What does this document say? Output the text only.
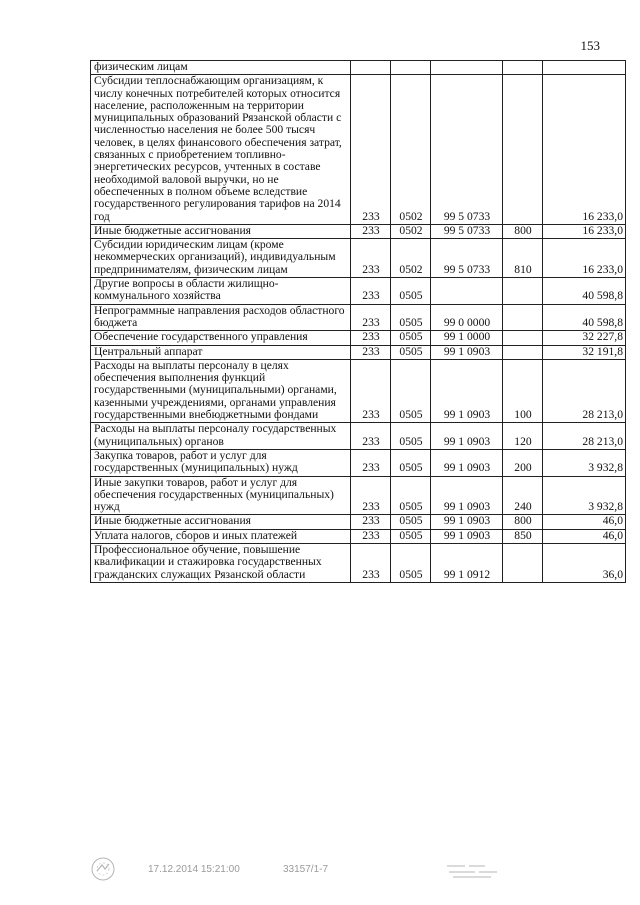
153
физическим лицам					
Субсидии теплоснабжающим организациям, к числу конечных потребителей которых относится население, расположенным на территории муниципальных образований Рязанской области с численностью населения не более 500 тысяч человек, в целях финансового обеспечения затрат, связанных с приобретением топливно-энергетических ресурсов, учтенных в составе необходимой валовой выручки, но не обеспеченных в полном объеме вследствие государственного регулирования тарифов на 2014 год	233	0502	99 5 0733		16 233,0
Иные бюджетные ассигнования	233	0502	99 5 0733	800	16 233,0
Субсидии юридическим лицам (кроме некоммерческих организаций), индивидуальным предпринимателям, физическим лицам	233	0502	99 5 0733	810	16 233,0
Другие вопросы в области жилищно-коммунального хозяйства	233	0505			40 598,8
Непрограммные направления расходов областного бюджета	233	0505	99 0 0000		40 598,8
Обеспечение государственного управления	233	0505	99 1 0000		32 227,8
Центральный аппарат	233	0505	99 1 0903		32 191,8
Расходы на выплаты персоналу в целях обеспечения выполнения функций государственными (муниципальными) органами, казенными учреждениями, органами управления государственными внебюджетными фондами	233	0505	99 1 0903	100	28 213,0
Расходы на выплаты персоналу государственных (муниципальных) органов	233	0505	99 1 0903	120	28 213,0
Закупка товаров, работ и услуг для государственных (муниципальных) нужд	233	0505	99 1 0903	200	3 932,8
Иные закупки товаров, работ и услуг для обеспечения государственных (муниципальных) нужд	233	0505	99 1 0903	240	3 932,8
Иные бюджетные ассигнования	233	0505	99 1 0903	800	46,0
Уплата налогов, сборов и иных платежей	233	0505	99 1 0903	850	46,0
Профессиональное обучение, повышение квалификации и стажировка государственных гражданских служащих Рязанской области	233	0505	99 1 0912		36,0
17.12.2014 15:21:00	33157/1-7
